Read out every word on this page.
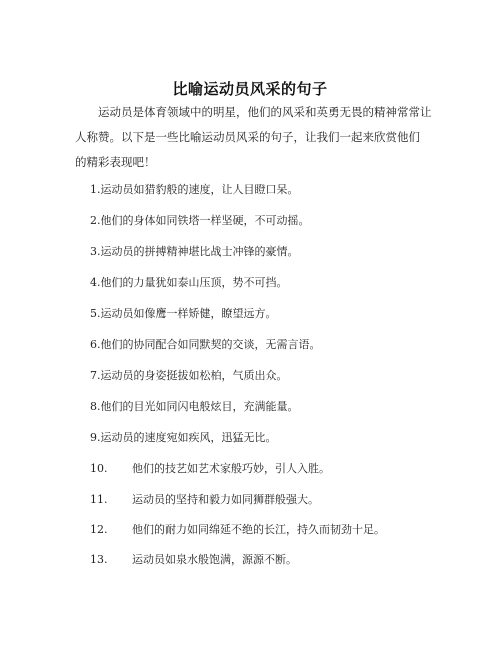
比喻运动员风采的句子
运动员是体育领域中的明星，他们的风采和英勇无畏的精神常常让
人称赞。以下是一些比喻运动员风采的句子，让我们一起来欣赏他们
的精彩表现吧！
1.运动员如猎豹般的速度，让人目瞪口呆。
2.他们的身体如同铁塔一样坚硬，不可动摇。
3.运动员的拼搏精神堪比战士冲锋的豪情。
4.他们的力量犹如泰山压顶，势不可挡。
5.运动员如像鹰一样矫健，瞭望远方。
6.他们的协同配合如同默契的交谈，无需言语。
7.运动员的身姿挺拔如松柏，气质出众。
8.他们的目光如同闪电般炫目，充满能量。
9.运动员的速度宛如疾风，迅猛无比。
10. 他们的技艺如艺术家般巧妙，引人入胜。
11. 运动员的坚持和毅力如同狮群般强大。
12. 他们的耐力如同绵延不绝的长江，持久而韧劲十足。
13. 运动员如泉水般饱满，源源不断。
